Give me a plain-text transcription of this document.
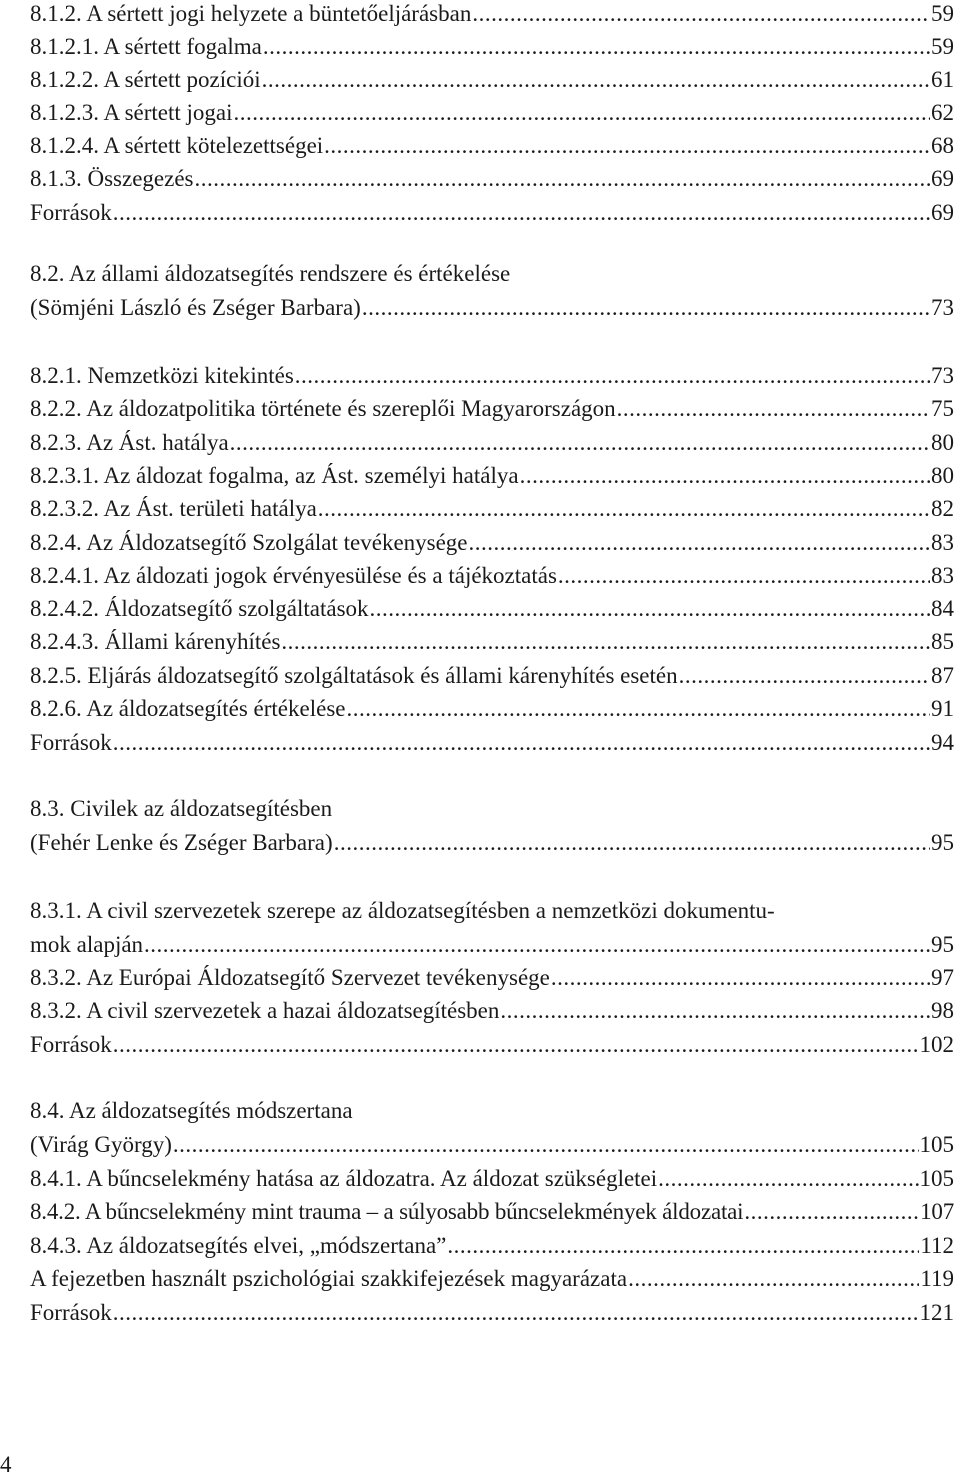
8.1.2. A sértett jogi helyzete a büntetőeljárásban .....	59
8.1.2.1. A sértett fogalma .....	59
8.1.2.2. A sértett pozíciói .....	61
8.1.2.3. A sértett jogai .....	62
8.1.2.4. A sértett kötelezettségei .....	68
8.1.3. Összegezés .....	69
Források .....	69
8.2. Az állami áldozatsegítés rendszere és értékelése
(Sömjéni László és Zséger Barbara) .....	73
8.2.1. Nemzetközi kitekintés .....	73
8.2.2. Az áldozatpolitika története és szereplői Magyarországon .....	75
8.2.3. Az Ást. hatálya .....	80
8.2.3.1. Az áldozat fogalma, az Ást. személyi hatálya .....	80
8.2.3.2. Az Ást. területi hatálya .....	82
8.2.4. Az Áldozatsegítő Szolgálat tevékenysége .....	83
8.2.4.1. Az áldozati jogok érvényesülése és a tájékoztatás .....	83
8.2.4.2. Áldozatsegítő szolgáltatások .....	84
8.2.4.3. Állami kárenyhítés .....	85
8.2.5. Eljárás áldozatsegítő szolgáltatások és állami kárenyhítés esetén .....	87
8.2.6. Az áldozatsegítés értékelése .....	91
Források .....	94
8.3. Civilek az áldozatsegítésben
(Fehér Lenke és Zséger Barbara) .....	95
8.3.1. A civil szervezetek szerepe az áldozatsegítésben a nemzetközi dokumentu-
mok alapján .....	95
8.3.2. Az Európai Áldozatsegítő Szervezet tevékenysége .....	97
8.3.2. A civil szervezetek a hazai áldozatsegítésben .....	98
Források .....	102
8.4. Az áldozatsegítés módszertana
(Virág György) .....	105
8.4.1. A bűncselekmény hatása az áldozatra. Az áldozat szükségletei .....	105
8.4.2. A bűncselekmény mint trauma – a súlyosabb bűncselekmények áldozatai .....	107
8.4.3. Az áldozatsegítés elvei, „módszertana” .....	112
A fejezetben használt pszichológiai szakkifejezések magyarázata .....	119
Források .....	121
4
